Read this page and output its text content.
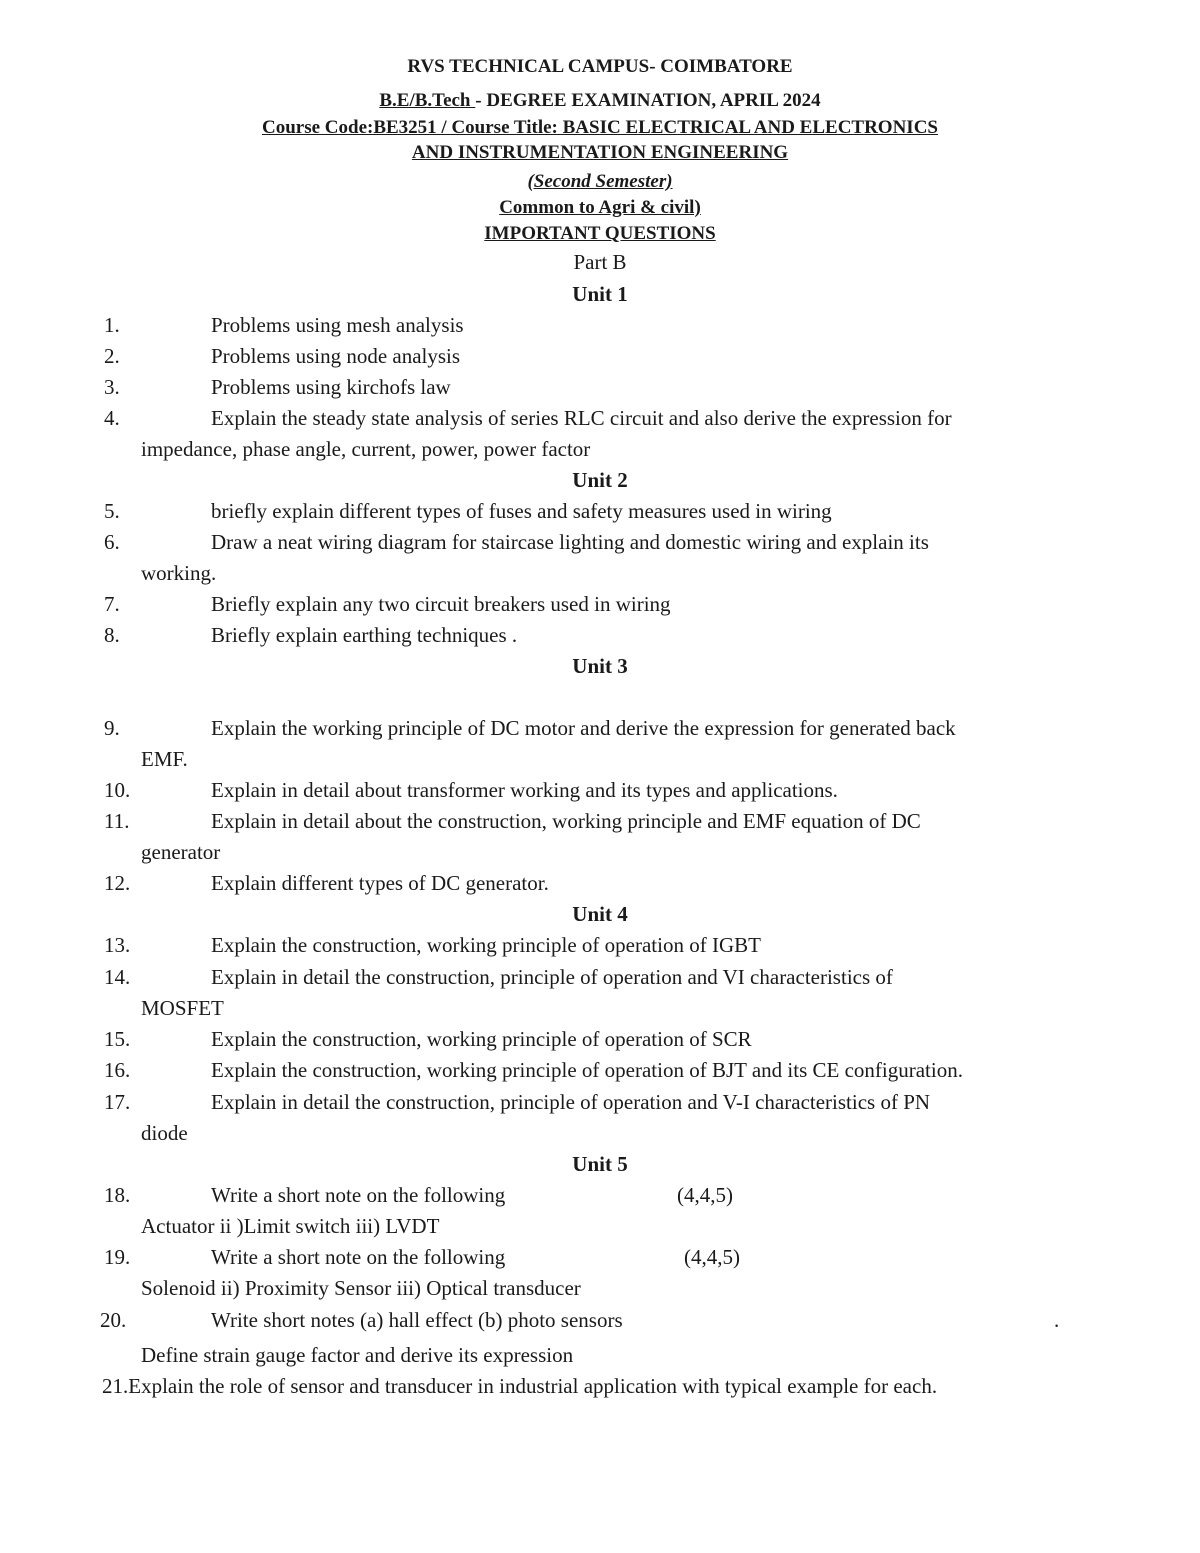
RVS TECHNICAL CAMPUS- COIMBATORE
B.E/B.Tech - DEGREE EXAMINATION, APRIL 2024
Course Code:BE3251 / Course Title: BASIC ELECTRICAL AND ELECTRONICS
AND INSTRUMENTATION ENGINEERING
(Second Semester)
Common to Agri & civil)
IMPORTANT QUESTIONS
Part B
Unit 1
1.	Problems using mesh analysis
2.	Problems using node analysis
3.	Problems using kirchofs law
4.	Explain the steady state analysis of series RLC circuit and also derive the expression for
impedance, phase angle, current, power, power factor
Unit 2
5.	briefly explain different types of fuses and safety measures used in wiring
6.	Draw a neat wiring diagram for staircase lighting and domestic wiring and explain its
working.
7.	Briefly explain any two circuit breakers used in wiring
8.	Briefly explain earthing techniques .
Unit 3
9.	Explain the working principle of DC motor and derive the expression for generated back
EMF.
10.	Explain in detail about transformer working and its types and applications.
11.	Explain in detail about the construction, working principle and EMF equation of DC
generator
12.	Explain different types of DC generator.
Unit 4
13.	Explain the construction, working principle of operation of IGBT
14.	Explain in detail the construction, principle of operation and VI characteristics of
MOSFET
15.	Explain the construction, working principle of operation of SCR
16.	Explain the construction, working principle of operation of BJT and its CE configuration.
17.	Explain in detail the construction, principle of operation and V-I characteristics of PN
diode
Unit 5
18.	Write a short note on the following	(4,4,5)
Actuator ii )Limit switch iii) LVDT
19.	Write a short note on the following	(4,4,5)
Solenoid ii) Proximity Sensor iii) Optical transducer
20.	Write short notes (a) hall effect (b) photo sensors	.
Define strain gauge factor and derive its expression
21.Explain the role of sensor and transducer in industrial application with typical example for each.
